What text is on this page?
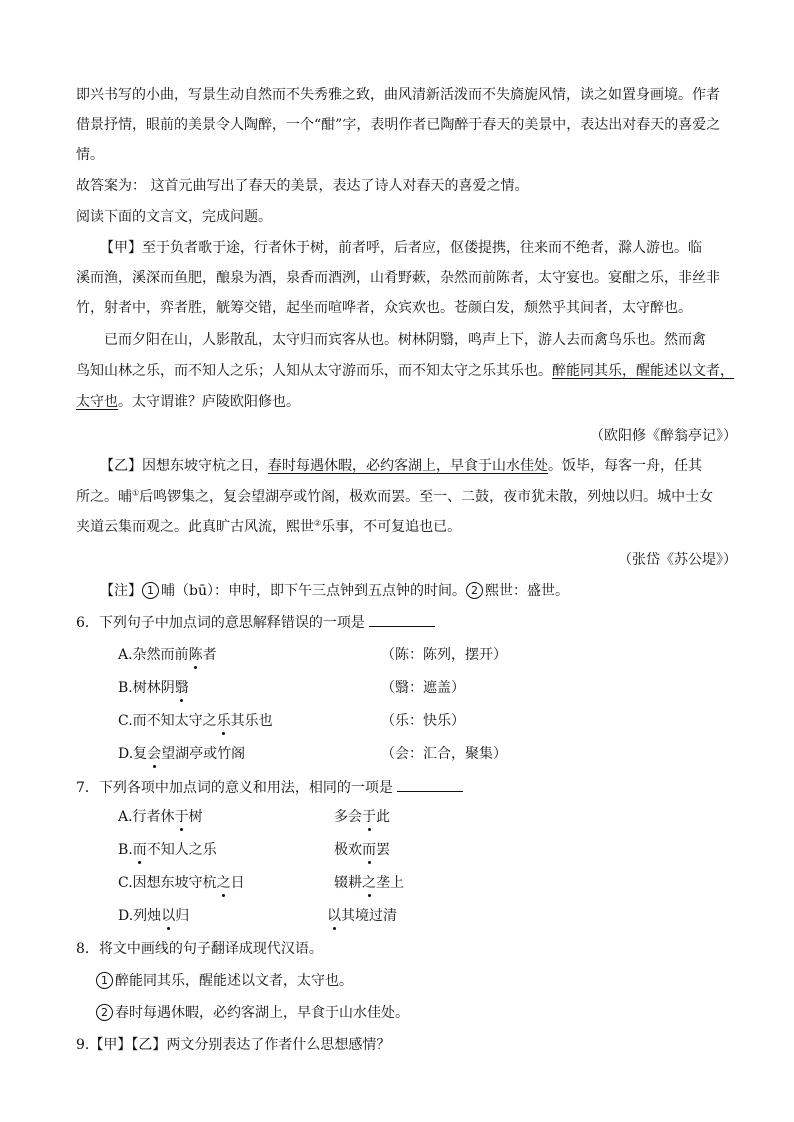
即兴书写的小曲，写景生动自然而不失秀雅之致，曲风清新活泼而不失旖旎风情，读之如置身画境。作者
借景抒情，眼前的美景令人陶醉，一个“酣”字，表明作者已陶醉于春天的美景中，表达出对春天的喜爱之
情。
故答案为： 这首元曲写出了春天的美景，表达了诗人对春天的喜爱之情。
阅读下面的文言文，完成问题。
【甲】至于负者歌于途，行者休于树，前者呼，后者应，伛偻提携，往来而不绝者，滁人游也。临
溪而渔，溪深而鱼肥，酿泉为酒，泉香而酒洌，山肴野蔌，杂然而前陈者，太守宴也。宴酣之乐，非丝非
竹，射者中，弈者胜，觥筹交错，起坐而喧哗者，众宾欢也。苍颜白发，颓然乎其间者，太守醉也。
已而夕阳在山，人影散乱，太守归而宾客从也。树林阴翳，鸣声上下，游人去而禽鸟乐也。然而禽
鸟知山林之乐，而不知人之乐；人知从太守游而乐，而不知太守之乐其乐也。醉能同其乐，醒能述以文者，
太守也。太守谓谁？庐陵欧阳修也。
（欧阳修《醉翁亭记》）
【乙】因想东坡守杭之日，春时每遇休暇，必约客湖上，早食于山水佳处。饭毕，每客一舟，任其
所之。晡①后鸣锣集之，复会望湖亭或竹阁，极欢而罢。至一、二鼓，夜市犹未散，列烛以归。城中士女
夹道云集而观之。此真旷古风流，熙世②乐事，不可复追也已。
（张岱《苏公堤》）
【注】 1 晡（bū）：申时，即下午三点钟到五点钟的时间。 2 熙世：盛世。
6．下列句子中加点词的意思解释错误的一项是
A.杂然而前陈者	（陈：陈列，摆开）
B.树林阴翳	（翳：遮盖）
C.而不知太守之乐其乐也	（乐：快乐）
D.复会望湖亭或竹阁	（会：汇合，聚集）
7．下列各项中加点词的意义和用法，相同的一项是
A.行者休于树	多会于此
B.而不知人之乐	极欢而罢
C.因想东坡守杭之日	辍耕之垄上
D.列烛以归	以其境过清
8．将文中画线的句子翻译成现代汉语。
1 醉能同其乐，醒能述以文者，太守也。
2 春时每遇休暇，必约客湖上，早食于山水佳处。
9.【甲】【乙】两文分别表达了作者什么思想感情？
